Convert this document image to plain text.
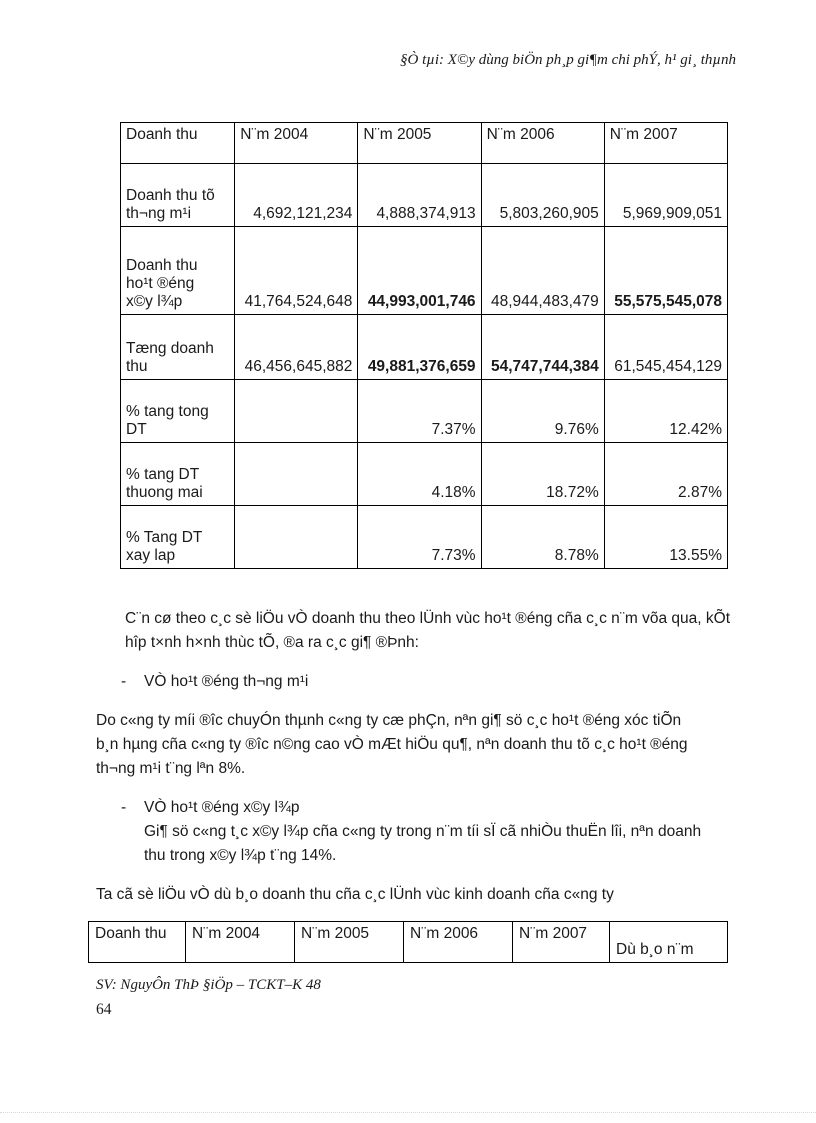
§Ò tµi: X©y dùng biÖn ph¸p gi¶m chi phÝ, h¹ gi¸ thµnh
Doanh thu	N¨m 2004	N¨m 2005	N¨m 2006	N¨m 2007
Doanh thu tõ
th¬ng m¹i	4,692,121,234	4,888,374,913	5,803,260,905	5,969,909,051
Doanh thu
ho¹t ®éng
x©y l¾p	41,764,524,648	44,993,001,746	48,944,483,479	55,575,545,078
Tæng doanh
thu	46,456,645,882	49,881,376,659	54,747,744,384	61,545,454,129
% tang tong
DT		7.37%	9.76%	12.42%
% tang DT
thuong mai		4.18%	18.72%	2.87%
% Tang DT
xay lap		7.73%	8.78%	13.55%
C¨n cø theo c¸c sè liÖu vÒ doanh thu theo lÜnh vùc ho¹t ®éng cña c¸c n¨m võa qua, kÕt
hîp t×nh h×nh thùc tÕ, ®a ra c¸c gi¶ ®Þnh:
- VÒ ho¹t ®éng th¬ng m¹i
Do c«ng ty míi ®îc chuyÓn thµnh c«ng ty cæ phÇn, nªn gi¶ sö c¸c ho¹t ®éng xóc tiÕn
b¸n hµng cña c«ng ty ®îc n©ng cao vÒ mÆt hiÖu qu¶, nªn doanh thu tõ c¸c ho¹t ®éng
th¬ng m¹i t¨ng lªn 8%.
- VÒ ho¹t ®éng x©y l¾p
Gi¶ sö c«ng t¸c x©y l¾p cña c«ng ty trong n¨m tíi sÏ cã nhiÒu thuËn lîi, nªn doanh
thu trong x©y l¾p t¨ng 14%.
Ta cã sè liÖu vÒ dù b¸o doanh thu cña c¸c lÜnh vùc kinh doanh cña c«ng ty
Doanh thu	N¨m 2004	N¨m 2005	N¨m 2006	N¨m 2007	Dù b¸o n¨m
SV: NguyÔn ThÞ §iÖp – TCKT–K 48
64
